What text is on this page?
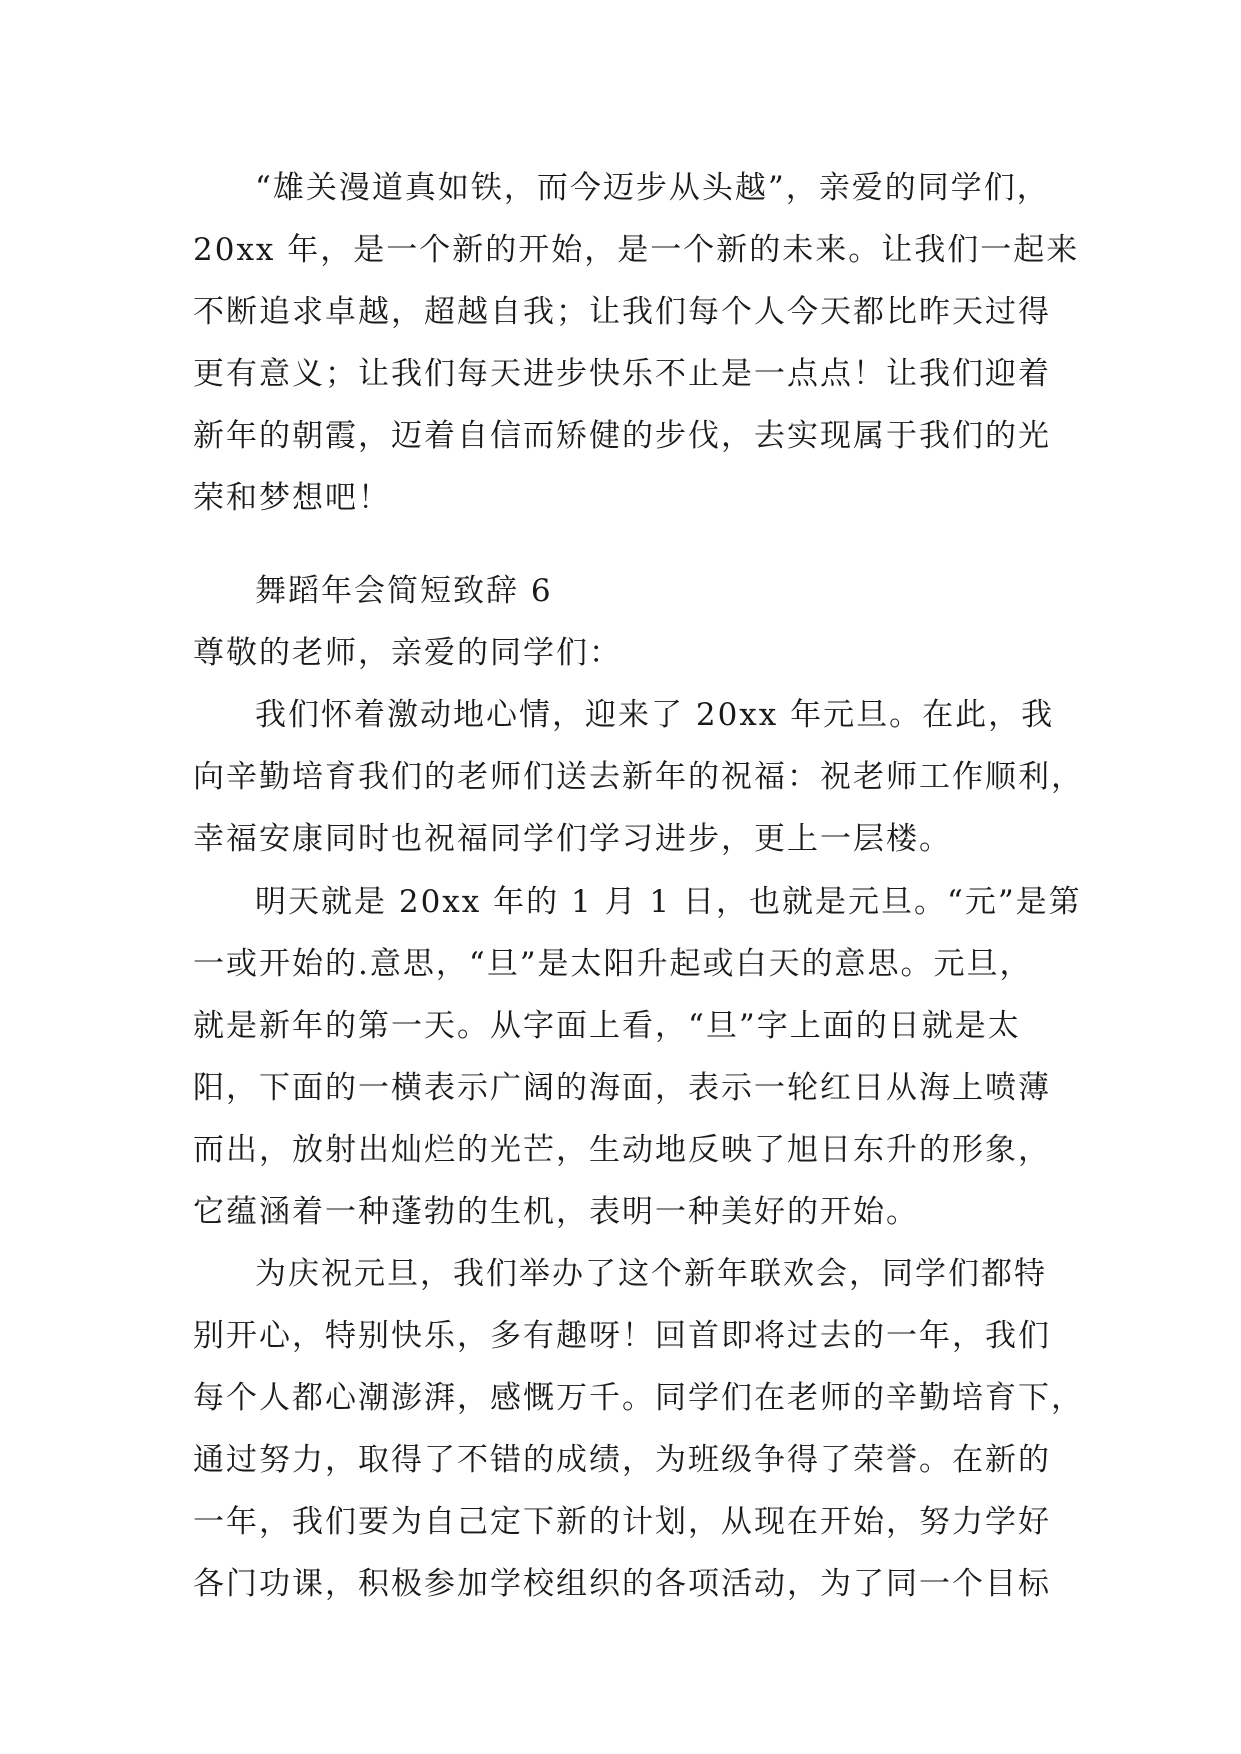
“雄关漫道真如铁，而今迈步从头越”，亲爱的同学们，
20xx 年，是一个新的开始，是一个新的未来。让我们一起来
不断追求卓越，超越自我；让我们每个人今天都比昨天过得
更有意义；让我们每天进步快乐不止是一点点！让我们迎着
新年的朝霞，迈着自信而矫健的步伐，去实现属于我们的光
荣和梦想吧！
舞蹈年会简短致辞 6
尊敬的老师，亲爱的同学们：
我们怀着激动地心情，迎来了 20xx 年元旦。在此，我
向辛勤培育我们的老师们送去新年的祝福：祝老师工作顺利，
幸福安康同时也祝福同学们学习进步，更上一层楼。
明天就是 20xx 年的 1 月 1 日，也就是元旦。“元”是第
一或开始的.意思，“旦”是太阳升起或白天的意思。元旦，
就是新年的第一天。从字面上看，“旦”字上面的日就是太
阳，下面的一横表示广阔的海面，表示一轮红日从海上喷薄
而出，放射出灿烂的光芒，生动地反映了旭日东升的形象，
它蕴涵着一种蓬勃的生机，表明一种美好的开始。
为庆祝元旦，我们举办了这个新年联欢会，同学们都特
别开心，特别快乐，多有趣呀！回首即将过去的一年，我们
每个人都心潮澎湃，感慨万千。同学们在老师的辛勤培育下，
通过努力，取得了不错的成绩，为班级争得了荣誉。在新的
一年，我们要为自己定下新的计划，从现在开始，努力学好
各门功课，积极参加学校组织的各项活动，为了同一个目标
